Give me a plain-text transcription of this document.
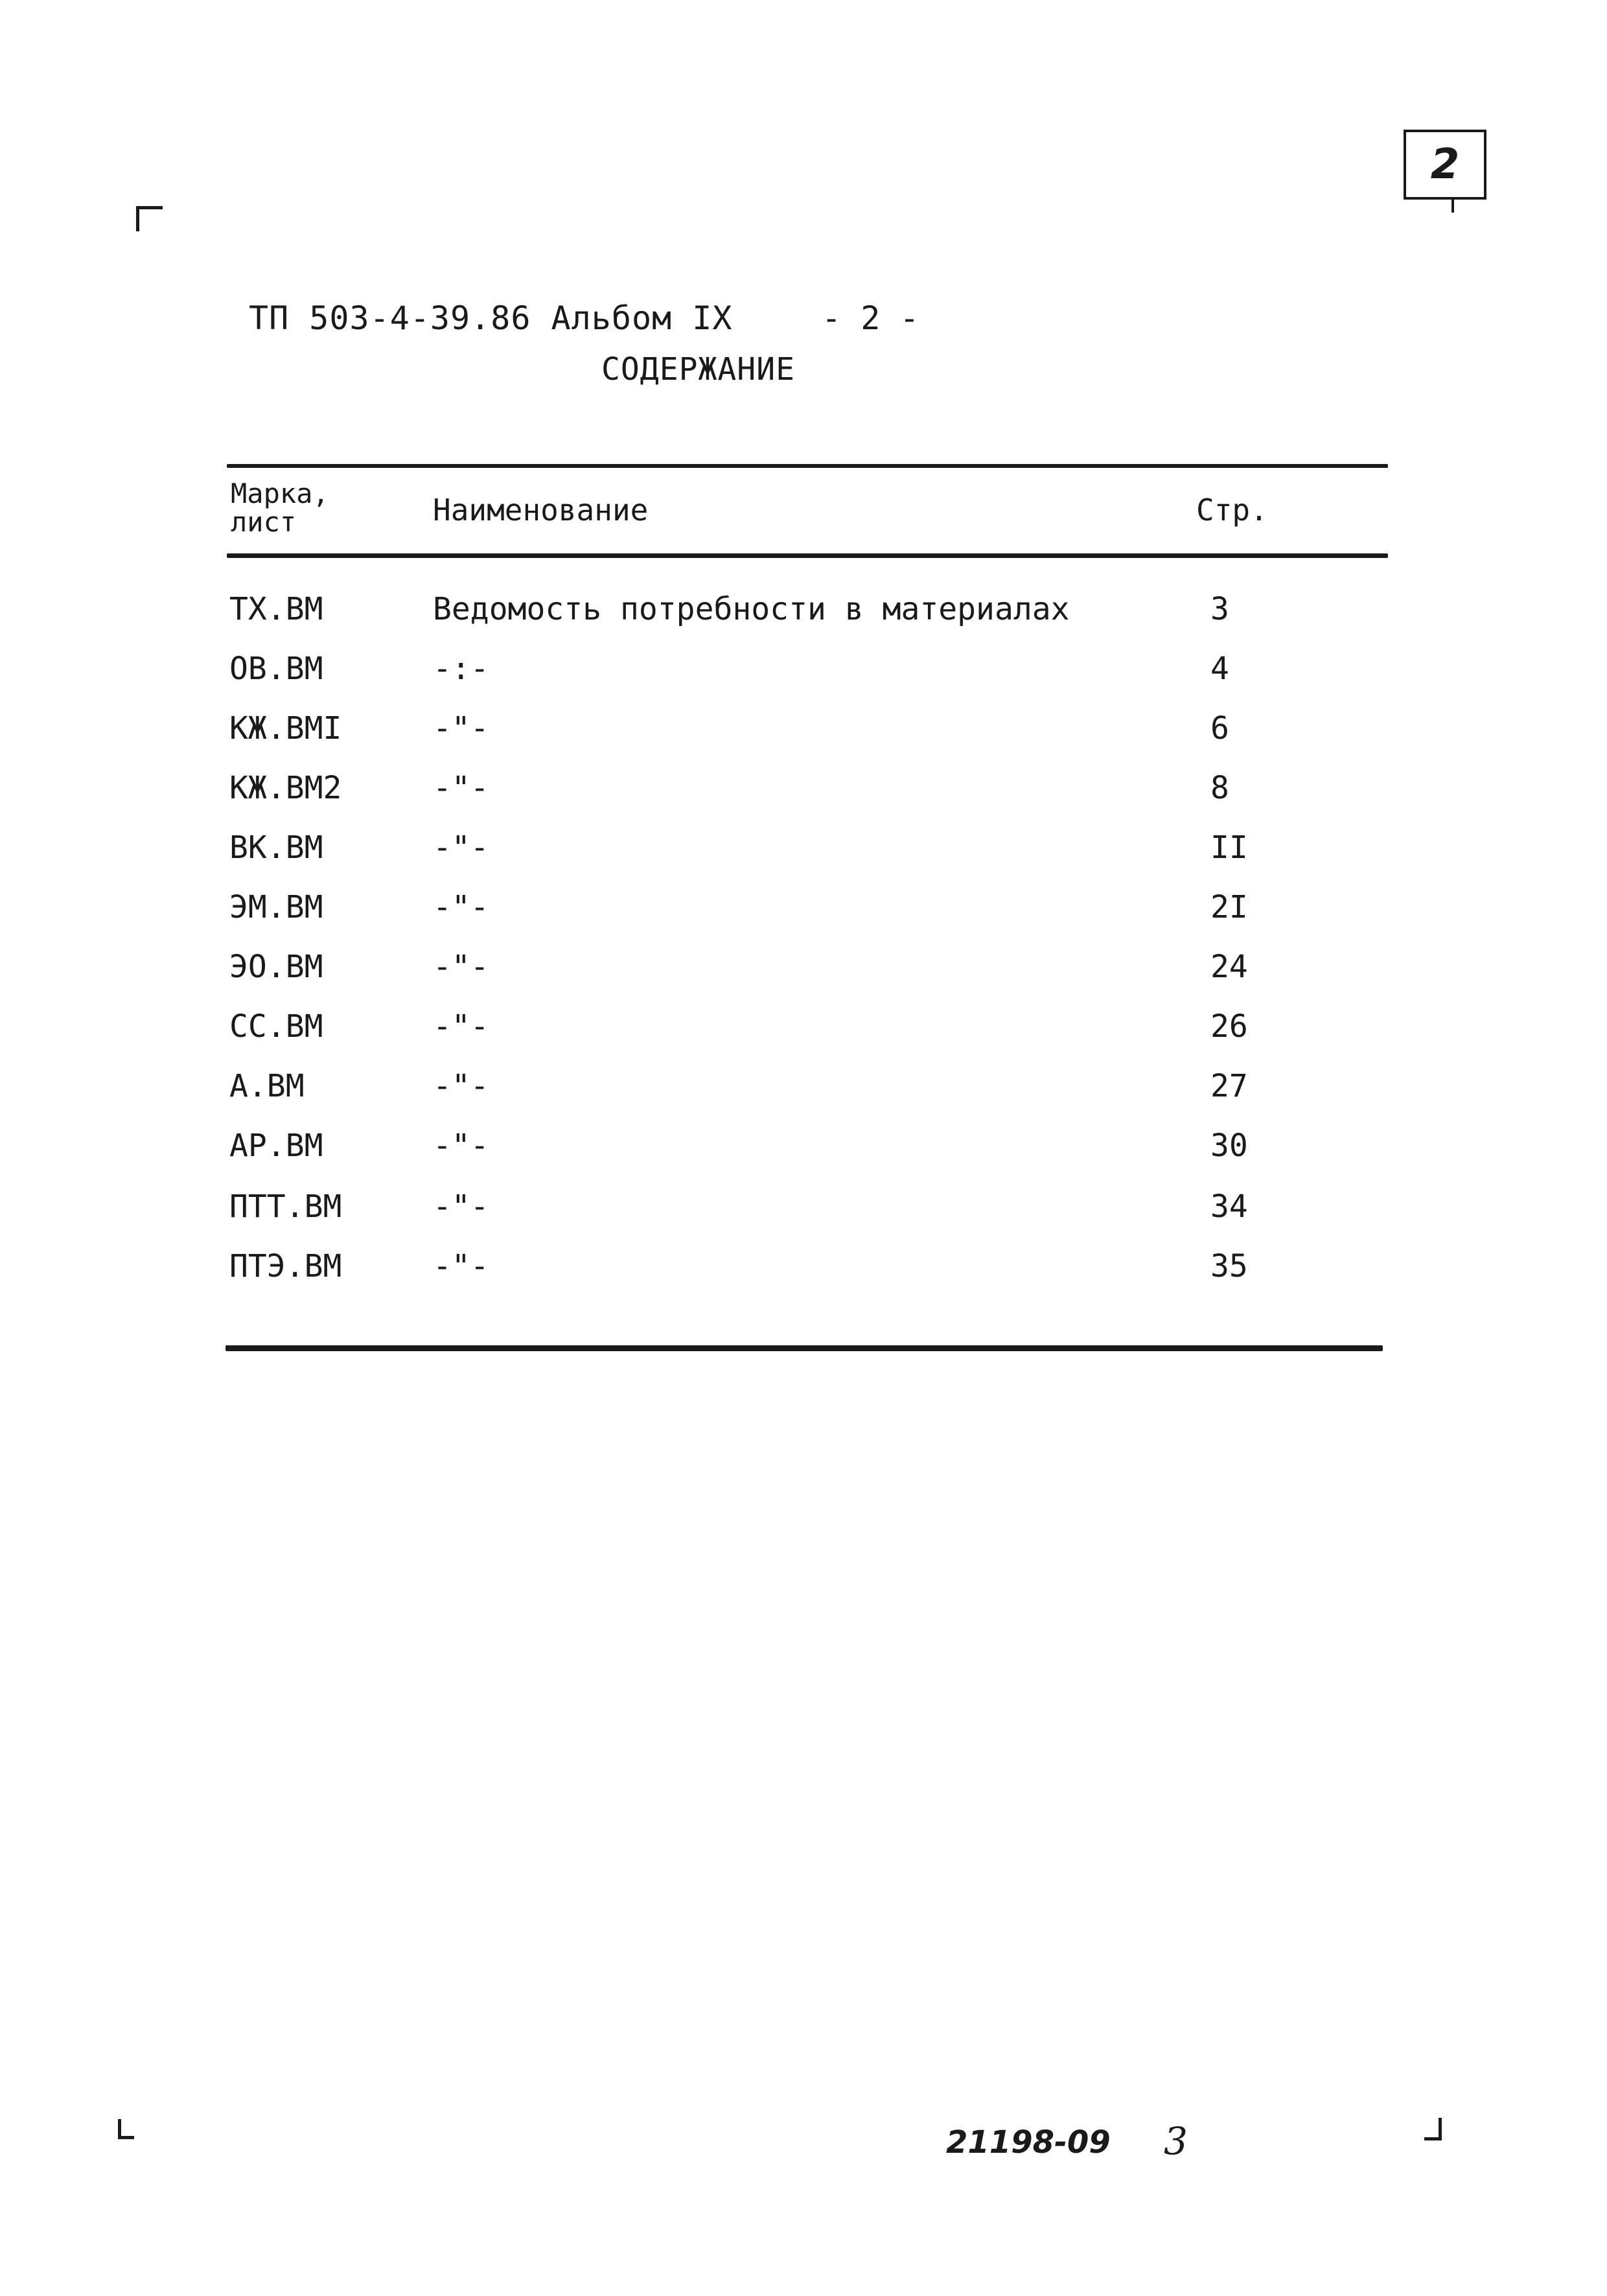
2
ТП 503-4-39.86 Альбом IX	- 2 -
СОДЕРЖАНИЕ
Марка,
лист	Наименование	Стр.
ТХ.ВМ	Ведомость потребности в материалах	3
ОВ.ВМ	-:-	4
КЖ.ВМI	-"-	6
КЖ.ВМ2	-"-	8
ВК.ВМ	-"-	II
ЭМ.ВМ	-"-	2I
ЭО.ВМ	-"-	24
СС.ВМ	-"-	26
А.ВМ	-"-	27
АР.ВМ	-"-	30
ПТТ.ВМ	-"-	34
ПТЭ.ВМ	-"-	35
21198-09 3
